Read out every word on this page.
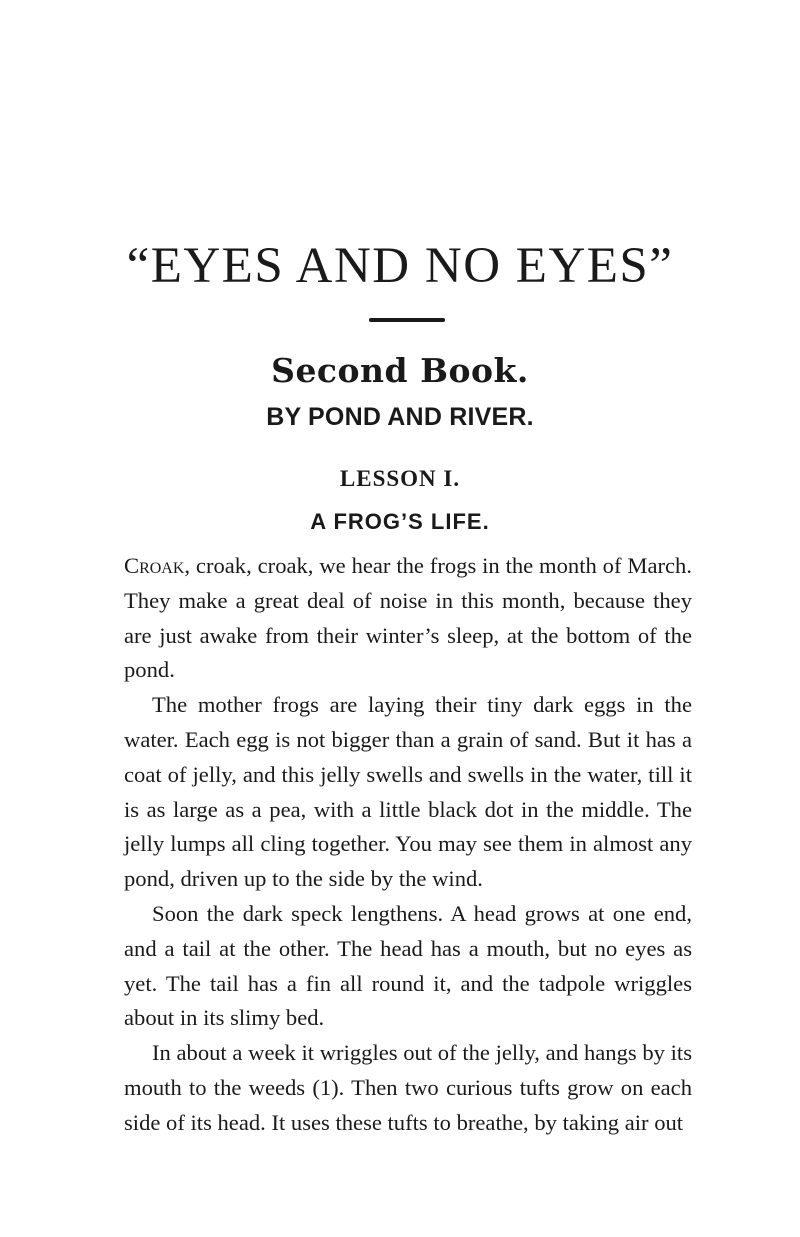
“EYES AND NO EYES”
Second Book.
BY POND AND RIVER.
LESSON I.
A FROG’S LIFE.

Croak, croak, croak, we hear the frogs in the month of March. They make a great deal of noise in this month, because they are just awake from their winter’s sleep, at the bottom of the pond.

The mother frogs are laying their tiny dark eggs in the water. Each egg is not bigger than a grain of sand. But it has a coat of jelly, and this jelly swells and swells in the water, till it is as large as a pea, with a little black dot in the middle. The jelly lumps all cling together. You may see them in almost any pond, driven up to the side by the wind.

Soon the dark speck lengthens. A head grows at one end, and a tail at the other. The head has a mouth, but no eyes as yet. The tail has a fin all round it, and the tadpole wriggles about in its slimy bed.

In about a week it wriggles out of the jelly, and hangs by its mouth to the weeds (1). Then two curious tufts grow on each side of its head. It uses these tufts to breathe, by taking air out
